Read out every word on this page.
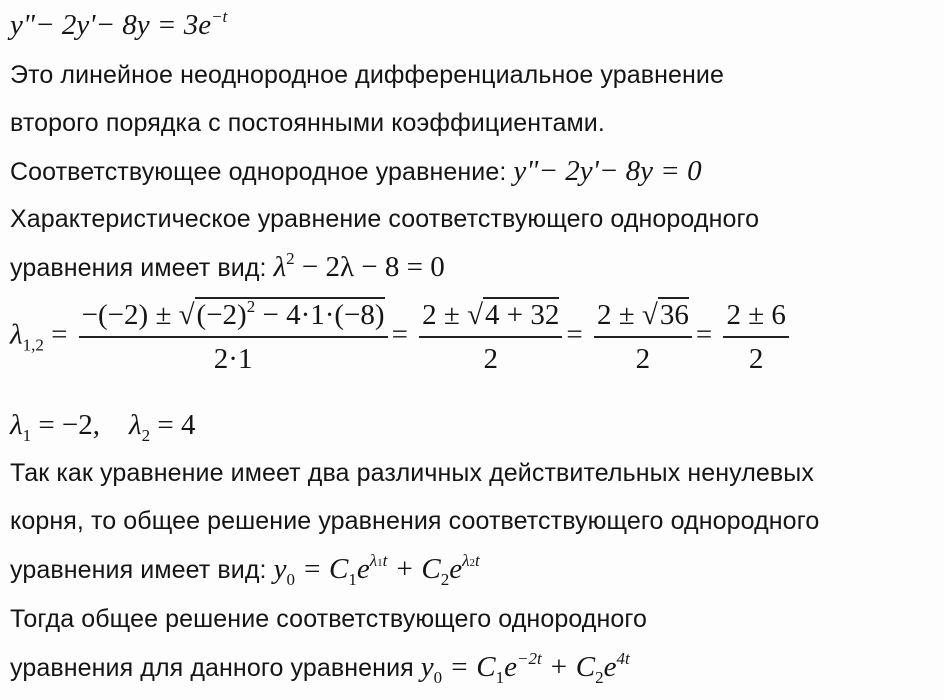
y"− $2y'- 8y = 3e^{-t}$
Это линейное неоднородное дифференциальное уравнение
второго порядка с постоянными коэффициентами.
Соответствующее однородное уравнение: y"− 2y'− 8y = 0
Характеристическое уравнение соответствующего однородного
уравнения имеет вид: $\lambda^2 - 2\lambda - 8 = 0$
$\lambda_{1,2} = \frac{-(-2) \pm √(-2)^2 - 4\cdot 1\cdot(-8)}{2\cdot 1} = \frac{2 \pm √4 + 32}{2} = \frac{2 \pm √36}{2} = \frac{2 \pm 6}{2}$
$\lambda_1 = -2$, $\lambda_2 = 4$
Так как уравнение имеет два различных действительных ненулевых
корня, то общее решение уравнения соответствующего однородного
уравнения имеет вид: $y_0 = C_1e^{\lambda 1t} + C_2e^{\lambda 2t}$
Тогда общее решение соответствующего однородного
уравнения для данного уравнения $y_0 = C_1e^{-2t} + C_2e^{4t}$
